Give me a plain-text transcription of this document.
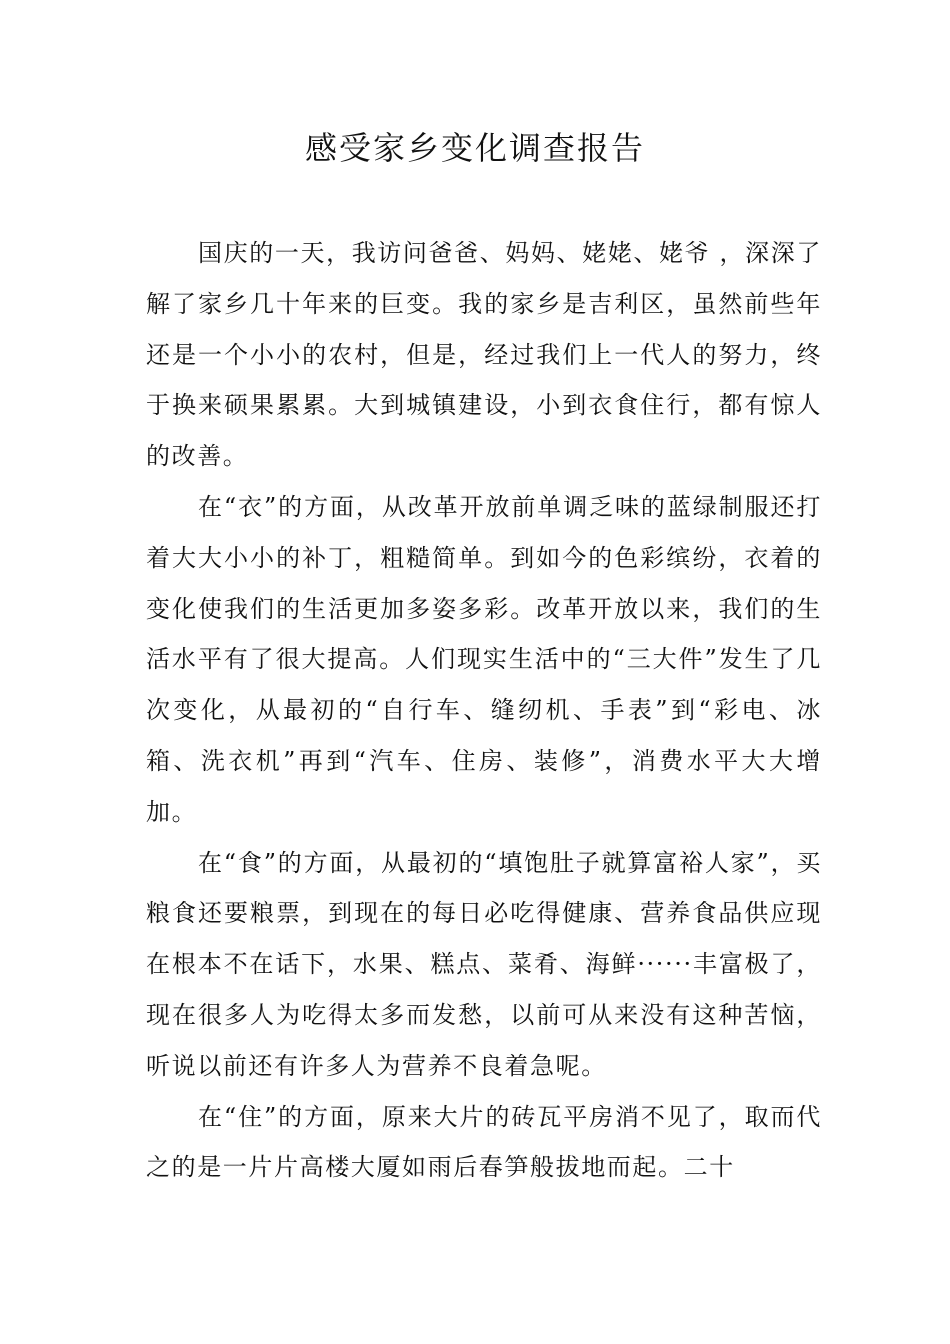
感受家乡变化调查报告

国庆的一天，我访问爸爸、妈妈、姥姥、姥爷 ，深深了解了家乡几十年来的巨变。我的家乡是吉利区，虽然前些年还是一个小小的农村，但是，经过我们上一代人的努力，终于换来硕果累累。大到城镇建设，小到衣食住行，都有惊人的改善。

在“衣”的方面，从改革开放前单调乏味的蓝绿制服还打着大大小小的补丁，粗糙简单。到如今的色彩缤纷，衣着的变化使我们的生活更加多姿多彩。改革开放以来，我们的生活水平有了很大提高。人们现实生活中的“三大件”发生了几次变化，从最初的“自行车、缝纫机、手表”到“彩电、冰箱、洗衣机”再到“汽车、住房、装修”，消费水平大大增加。

在“食”的方面，从最初的“填饱肚子就算富裕人家”，买粮食还要粮票，到现在的每日必吃得健康、营养食品供应现在根本不在话下，水果、糕点、菜肴、海鲜······丰富极了，现在很多人为吃得太多而发愁，以前可从来没有这种苦恼，听说以前还有许多人为营养不良着急呢。

在“住”的方面，原来大片的砖瓦平房消不见了，取而代之的是一片片高楼大厦如雨后春笋般拔地而起。二十
